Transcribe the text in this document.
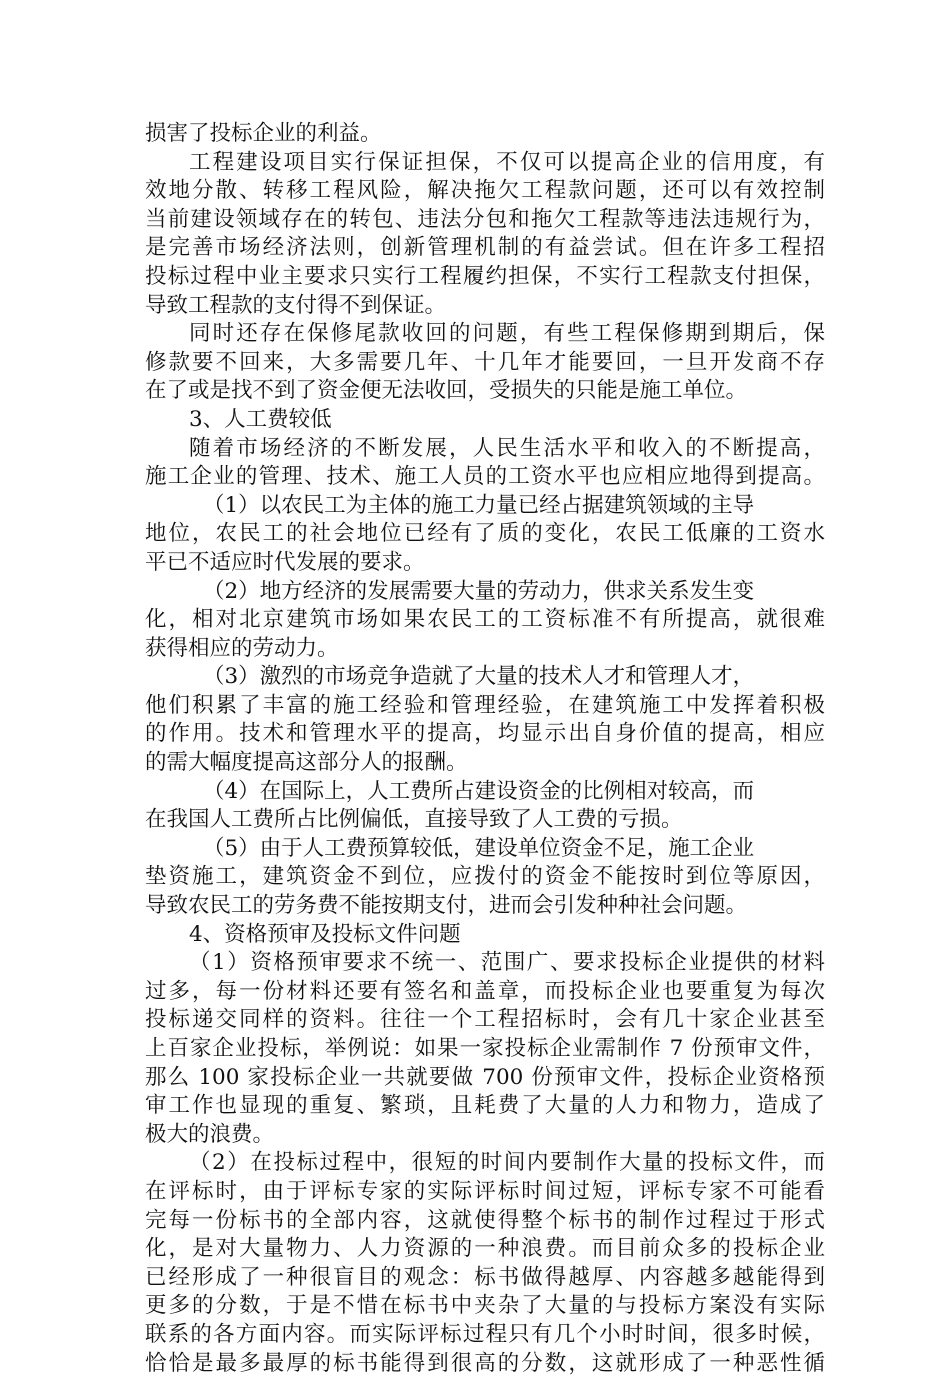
损害了投标企业的利益。
工程建设项目实行保证担保，不仅可以提高企业的信用度，有
效地分散、转移工程风险，解决拖欠工程款问题，还可以有效控制
当前建设领域存在的转包、违法分包和拖欠工程款等违法违规行为，
是完善市场经济法则，创新管理机制的有益尝试。但在许多工程招
投标过程中业主要求只实行工程履约担保，不实行工程款支付担保，
导致工程款的支付得不到保证。
同时还存在保修尾款收回的问题，有些工程保修期到期后，保
修款要不回来，大多需要几年、十几年才能要回，一旦开发商不存
在了或是找不到了资金便无法收回，受损失的只能是施工单位。
3、人工费较低
随着市场经济的不断发展，人民生活水平和收入的不断提高，
施工企业的管理、技术、施工人员的工资水平也应相应地得到提高。
（1）以农民工为主体的施工力量已经占据建筑领域的主导
地位，农民工的社会地位已经有了质的变化，农民工低廉的工资水
平已不适应时代发展的要求。
（2）地方经济的发展需要大量的劳动力，供求关系发生变
化，相对北京建筑市场如果农民工的工资标准不有所提高，就很难
获得相应的劳动力。
（3）激烈的市场竞争造就了大量的技术人才和管理人才，
他们积累了丰富的施工经验和管理经验，在建筑施工中发挥着积极
的作用。技术和管理水平的提高，均显示出自身价值的提高，相应
的需大幅度提高这部分人的报酬。
（4）在国际上，人工费所占建设资金的比例相对较高，而
在我国人工费所占比例偏低，直接导致了人工费的亏损。
（5）由于人工费预算较低，建设单位资金不足，施工企业
垫资施工，建筑资金不到位，应拨付的资金不能按时到位等原因，
导致农民工的劳务费不能按期支付，进而会引发种种社会问题。
4、资格预审及投标文件问题
（1）资格预审要求不统一、范围广、要求投标企业提供的材料
过多，每一份材料还要有签名和盖章，而投标企业也要重复为每次
投标递交同样的资料。往往一个工程招标时，会有几十家企业甚至
上百家企业投标，举例说：如果一家投标企业需制作 7 份预审文件，
那么 100 家投标企业一共就要做 700 份预审文件，投标企业资格预
审工作也显现的重复、繁琐，且耗费了大量的人力和物力，造成了
极大的浪费。
（2）在投标过程中，很短的时间内要制作大量的投标文件，而
在评标时，由于评标专家的实际评标时间过短，评标专家不可能看
完每一份标书的全部内容，这就使得整个标书的制作过程过于形式
化，是对大量物力、人力资源的一种浪费。而目前众多的投标企业
已经形成了一种很盲目的观念：标书做得越厚、内容越多越能得到
更多的分数，于是不惜在标书中夹杂了大量的与投标方案没有实际
联系的各方面内容。而实际评标过程只有几个小时时间，很多时候，
恰恰是最多最厚的标书能得到很高的分数，这就形成了一种恶性循
